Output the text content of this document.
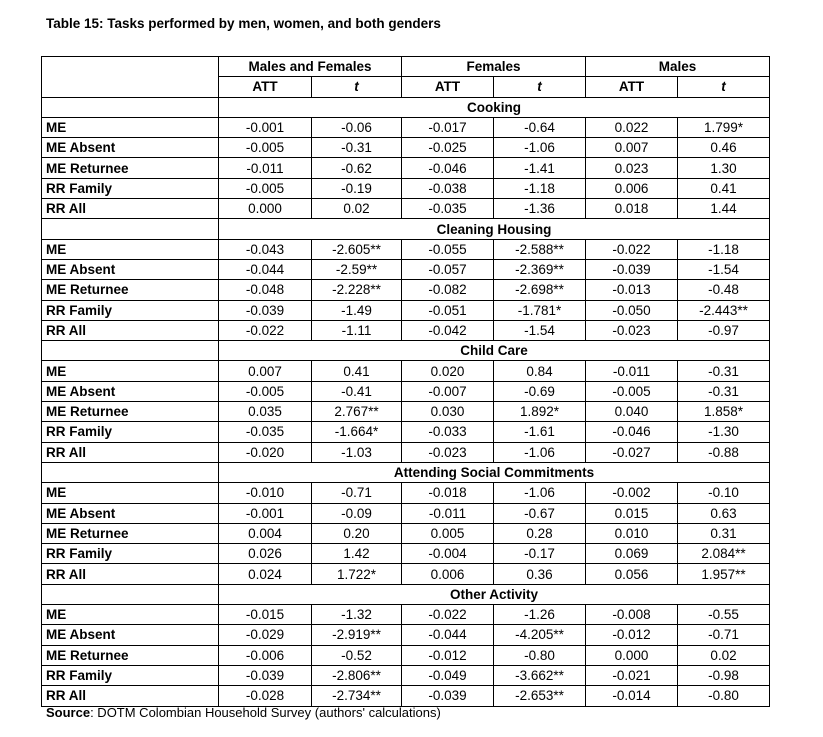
Table 15: Tasks performed by men, women, and both genders
	Males and Females		Females		Males	
	ATT	t	ATT	t	ATT	t
	Cooking					
ME	-0.001	-0.06	-0.017	-0.64	0.022	1.799*
ME Absent	-0.005	-0.31	-0.025	-1.06	0.007	0.46
ME Returnee	-0.011	-0.62	-0.046	-1.41	0.023	1.30
RR Family	-0.005	-0.19	-0.038	-1.18	0.006	0.41
RR All	0.000	0.02	-0.035	-1.36	0.018	1.44
	Cleaning Housing					
ME	-0.043	-2.605**	-0.055	-2.588**	-0.022	-1.18
ME Absent	-0.044	-2.59**	-0.057	-2.369**	-0.039	-1.54
ME Returnee	-0.048	-2.228**	-0.082	-2.698**	-0.013	-0.48
RR Family	-0.039	-1.49	-0.051	-1.781*	-0.050	-2.443**
RR All	-0.022	-1.11	-0.042	-1.54	-0.023	-0.97
	Child Care					
ME	0.007	0.41	0.020	0.84	-0.011	-0.31
ME Absent	-0.005	-0.41	-0.007	-0.69	-0.005	-0.31
ME Returnee	0.035	2.767**	0.030	1.892*	0.040	1.858*
RR Family	-0.035	-1.664*	-0.033	-1.61	-0.046	-1.30
RR All	-0.020	-1.03	-0.023	-1.06	-0.027	-0.88
	Attending Social Commitments					
ME	-0.010	-0.71	-0.018	-1.06	-0.002	-0.10
ME Absent	-0.001	-0.09	-0.011	-0.67	0.015	0.63
ME Returnee	0.004	0.20	0.005	0.28	0.010	0.31
RR Family	0.026	1.42	-0.004	-0.17	0.069	2.084**
RR All	0.024	1.722*	0.006	0.36	0.056	1.957**
	Other Activity					
ME	-0.015	-1.32	-0.022	-1.26	-0.008	-0.55
ME Absent	-0.029	-2.919**	-0.044	-4.205**	-0.012	-0.71
ME Returnee	-0.006	-0.52	-0.012	-0.80	0.000	0.02
RR Family	-0.039	-2.806**	-0.049	-3.662**	-0.021	-0.98
RR All	-0.028	-2.734**	-0.039	-2.653**	-0.014	-0.80
Source: DOTM Colombian Household Survey (authors' calculations)
